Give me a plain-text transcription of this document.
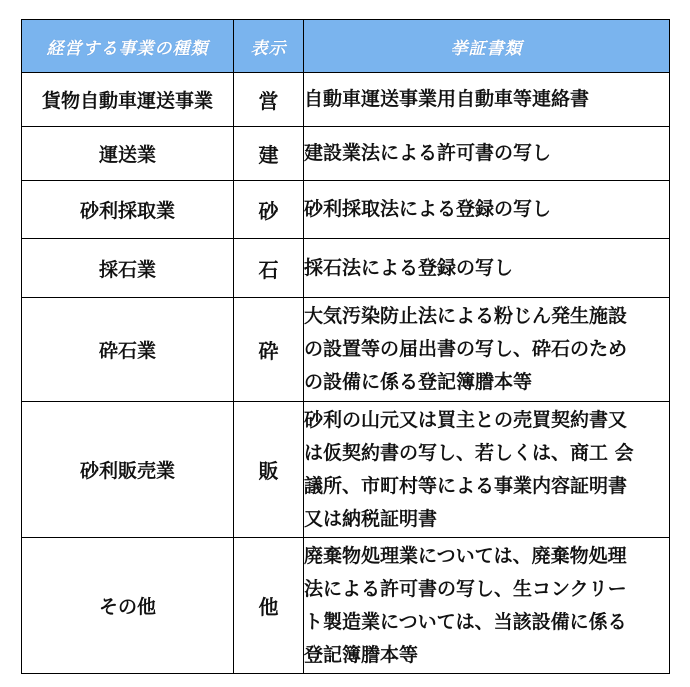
経営する事業の種類	表示	挙証書類
貨物自動車運送事業	営	自動車運送事業用自動車等連絡書

運送業	建	建設業法による許可書の写し

砂利採取業	砂	砂利採取法による登録の写し

採石業	石	採石法による登録の写し

砕石業	砕	大気汚染防止法による粉じん発生施設
の設置等の届出書の写し、砕石のため
の設備に係る登記簿謄本等

砂利販売業	販	砂利の山元又は買主との売買契約書又
は仮契約書の写し、若しくは、商工 会
議所、市町村等による事業内容証明書
又は納税証明書

その他	他	廃棄物処理業については、廃棄物処理
法による許可書の写し、生コンクリー
ト製造業については、当該設備に係る
登記簿謄本等
